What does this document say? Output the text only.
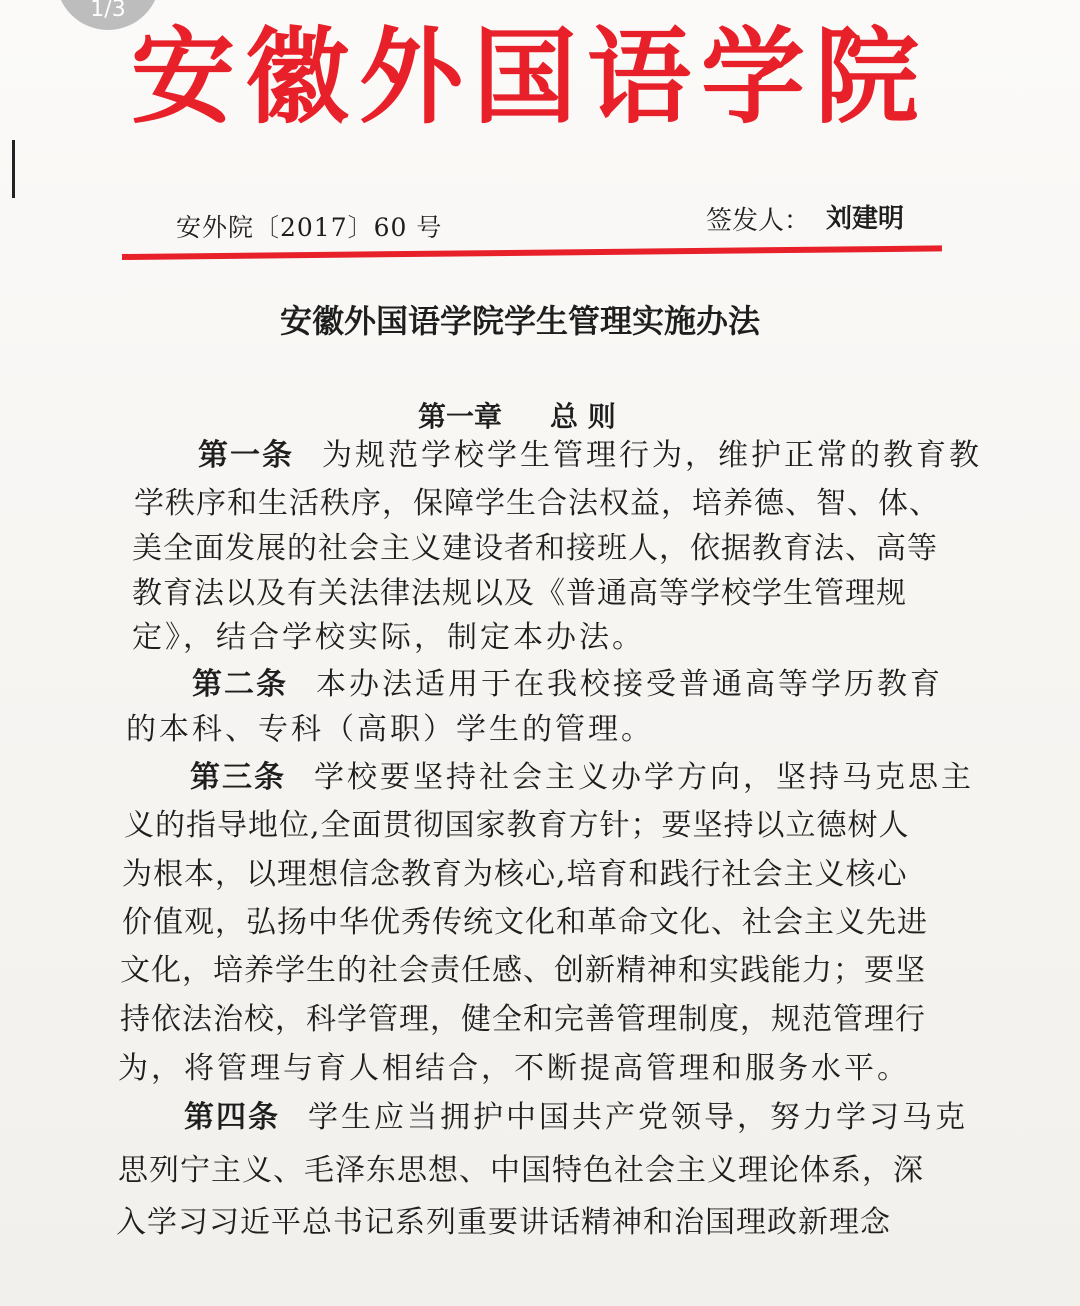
1/3
安徽外国语学院
安外院〔2017〕60 号	签发人： 刘建明
安徽外国语学院学生管理实施办法
第一章 总 则
第一条 为规范学校学生管理行为，维护正常的教育教
学秩序和生活秩序，保障学生合法权益，培养德、智、体、
美全面发展的社会主义建设者和接班人，依据教育法、高等
教育法以及有关法律法规以及《普通高等学校学生管理规
定》，结合学校实际，制定本办法。
第二条 本办法适用于在我校接受普通高等学历教育
的本科、专科（高职）学生的管理。
第三条 学校要坚持社会主义办学方向，坚持马克思主
义的指导地位,全面贯彻国家教育方针；要坚持以立德树人
为根本，以理想信念教育为核心,培育和践行社会主义核心
价值观，弘扬中华优秀传统文化和革命文化、社会主义先进
文化，培养学生的社会责任感、创新精神和实践能力；要坚
持依法治校，科学管理，健全和完善管理制度，规范管理行
为，将管理与育人相结合，不断提高管理和服务水平。
第四条 学生应当拥护中国共产党领导，努力学习马克
思列宁主义、毛泽东思想、中国特色社会主义理论体系，深
入学习习近平总书记系列重要讲话精神和治国理政新理念
